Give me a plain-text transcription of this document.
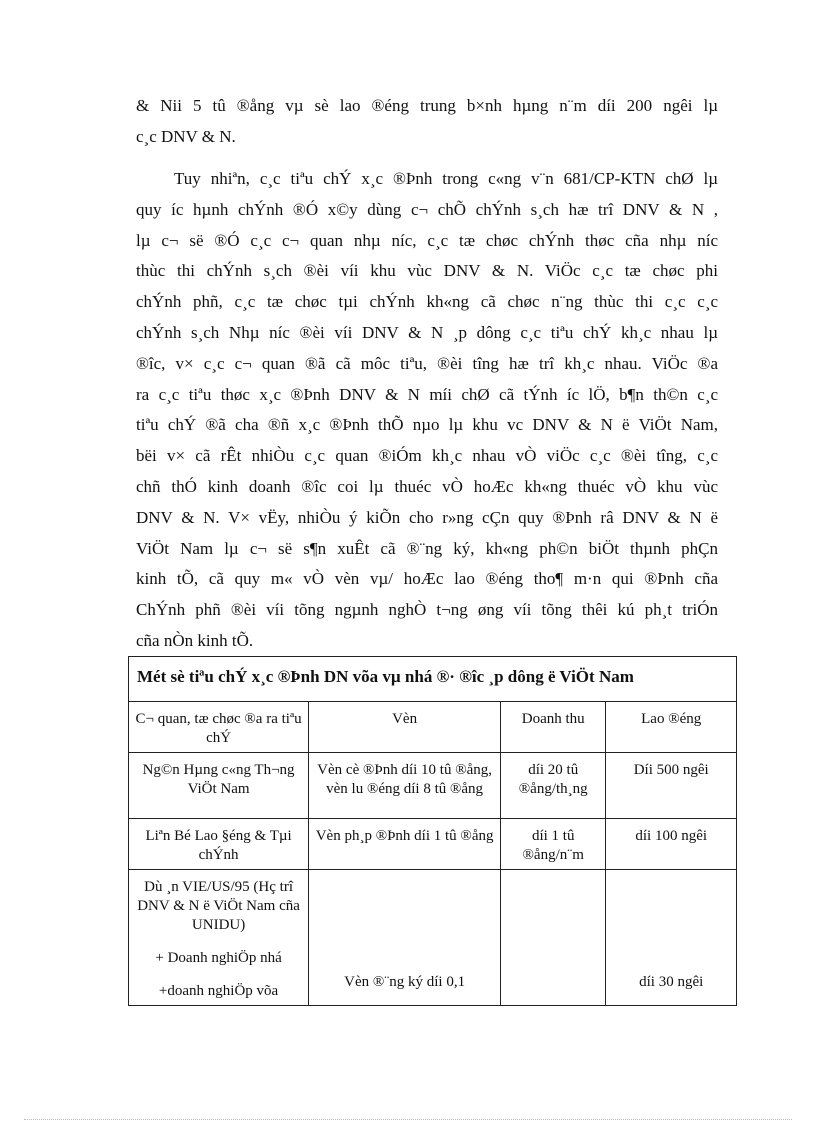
& Nii 5 tû ®ång vµ sè lao ®éng trung b×nh hµng n¨m díi 200 ngêi lµ
c¸c DNV & N.
Tuy nhiªn, c¸c tiªu chÝ x¸c ®Þnh trong c«ng v¨n 681/CP-KTN chØ lµ
quy íc hµnh chÝnh ®Ó x©y dùng c¬ chÕ chÝnh s¸ch hæ trî DNV & N ,
lµ c¬ së ®Ó c¸c c¬ quan nhµ níc, c¸c tæ chøc chÝnh thøc cña nhµ níc
thùc thi chÝnh s¸ch ®èi víi khu vùc DNV & N. ViÖc c¸c tæ chøc phi
chÝnh phñ, c¸c tæ chøc tµi chÝnh kh«ng cã chøc n¨ng thùc thi c¸c c¸c
chÝnh s¸ch Nhµ níc ®èi víi DNV & N ¸p dông c¸c tiªu chÝ kh¸c nhau lµ
®îc, v× c¸c c¬ quan ®ã cã môc tiªu, ®èi tîng hæ trî kh¸c nhau. ViÖc ®a
ra c¸c tiªu thøc x¸c ®Þnh DNV & N míi chØ cã tÝnh íc lÖ, b¶n th©n c¸c
tiªu chÝ ®ã cha ®ñ x¸c ®Þnh thÕ nµo lµ khu vc DNV & N ë ViÖt Nam,
bëi v× cã rÊt nhiÒu c¸c quan ®iÓm kh¸c nhau vÒ viÖc c¸c ®èi tîng, c¸c
chñ thÓ kinh doanh ®îc coi lµ thuéc vÒ hoÆc kh«ng thuéc vÒ khu vùc
DNV & N. V× vËy, nhiÒu ý kiÕn cho r»ng cÇn quy ®Þnh râ DNV & N ë
ViÖt Nam lµ c¬ së s¶n xuÊt cã ®¨ng ký, kh«ng ph©n biÖt thµnh phÇn
kinh tÕ, cã quy m« vÒ vèn vµ/ hoÆc lao ®éng tho¶ m·n qui ®Þnh cña
ChÝnh phñ ®èi víi tõng ngµnh nghÒ t¬ng øng víi tõng thêi kú ph¸t triÓn
cña nÒn kinh tÕ.
Mét sè tiªu chÝ x¸c ®Þnh DN võa vµ nhá ®· ®îc ¸p dông ë ViÖt Nam			
C¬ quan, tæ chøc ®a ra tiªu chÝ	Vèn	Doanh thu	Lao ®éng
Ng©n Hµng c«ng Th¬ng ViÖt Nam	Vèn cè ®Þnh díi 10 tû ®ång, vèn lu ®éng díi 8 tû ®ång	díi 20 tû ®ång/th¸ng	Díi 500 ngêi
Liªn Bé Lao §éng & Tµi chÝnh	Vèn ph¸p ®Þnh díi 1 tû ®ång	díi 1 tû ®ång/n¨m	díi 100 ngêi

Dù ¸n VIE/US/95 (Hç trî DNV & N ë ViÖt Nam cña UNIDU)
+ Doanh nghiÖp nhá
+doanh nghiÖp võa	Vèn ®¨ng ký díi 0,1		díi 30 ngêi
